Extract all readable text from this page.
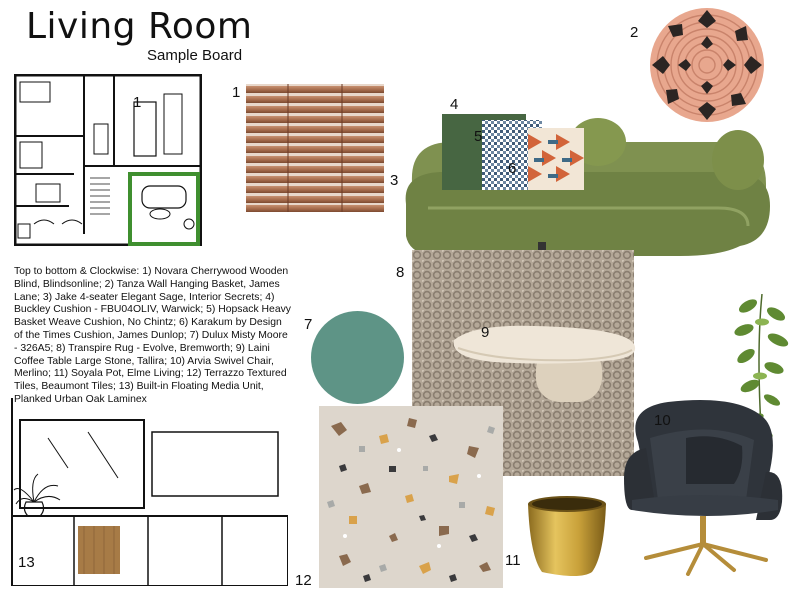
Living Room
Sample Board
1
1
2
3
4
5
6
Top to bottom & Clockwise: 1) Novara Cherrywood Wooden Blind, Blindsonline; 2) Tanza Wall Hanging Basket, James Lane; 3) Jake 4-seater Elegant Sage, Interior Secrets; 4) Buckley Cushion - FBU04OLIV, Warwick; 5) Hopsack Heavy Basket Weave Cushion, No Chintz; 6) Karakum by Design of the Times Cushion, James Dunlop; 7) Dulux Misty Moore - 326A5; 8) Transpire Rug - Evolve, Bremworth; 9) Laini Coffee Table Large Stone, Tallira; 10) Arvia Swivel Chair, Merlino; 11) Soyala Pot, Elme Living; 12) Terrazzo Textured Tiles, Beaumont Tiles; 13) Built-in Floating Media Unit, Planked Urban Oak Laminex
8
7	9
10
12
11
13
